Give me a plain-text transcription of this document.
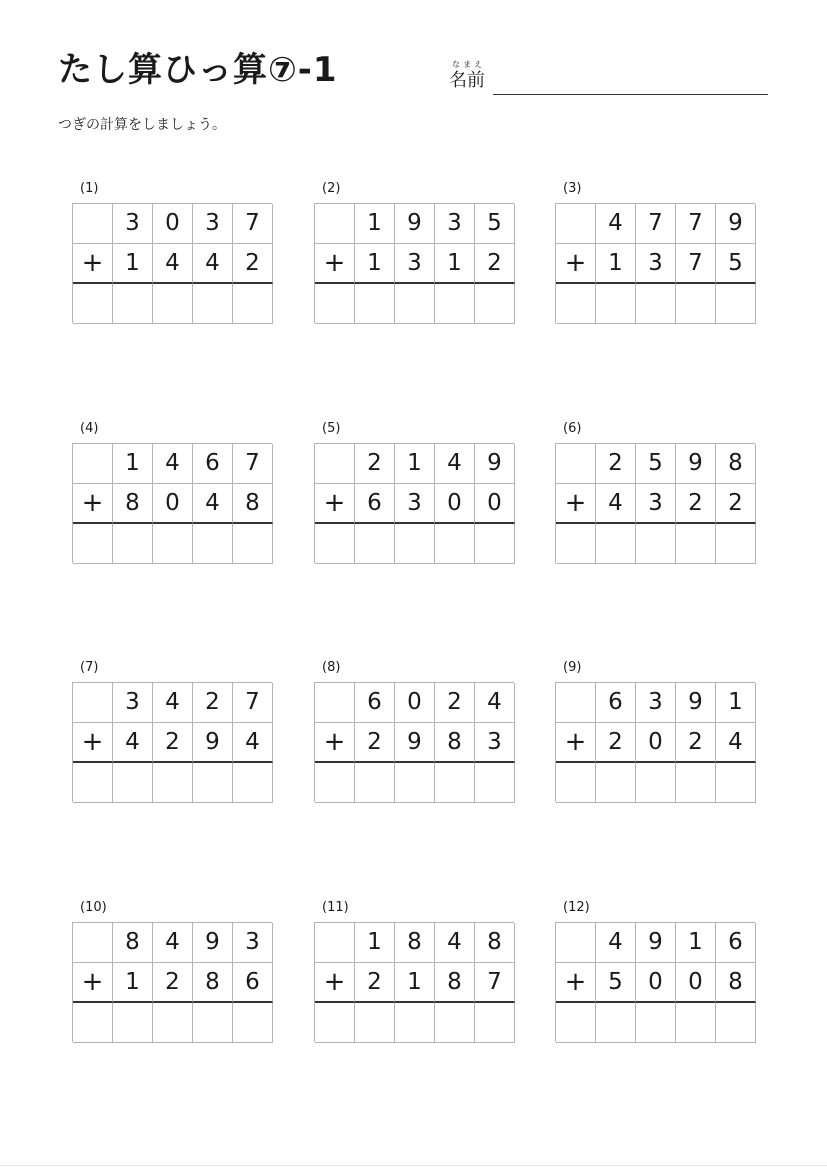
たし算ひっ算⑦-1	なまえ
名前
つぎの計算をしましょう。
(1)
3	0	3	7
+ 1	4	4	2
(2)
1	9	3	5
+ 1	3	1	2
(3)
4	7	7	9
+ 1	3	7	5
(4)
1	4	6	7
+ 8	0	4	8
(5)
2	1	4	9
+ 6	3	0	0
(6)
2	5	9	8
+ 4	3	2	2
(7)
3	4	2	7
+ 4	2	9	4
(8)
6	0	2	4
+ 2	9	8	3
(9)
6	3	9	1
+ 2	0	2	4
(10)
8	4	9	3
+ 1	2	8	6
(11)
1	8	4	8
+ 2	1	8	7
(12)
4	9	1	6
+ 5	0	0	8
